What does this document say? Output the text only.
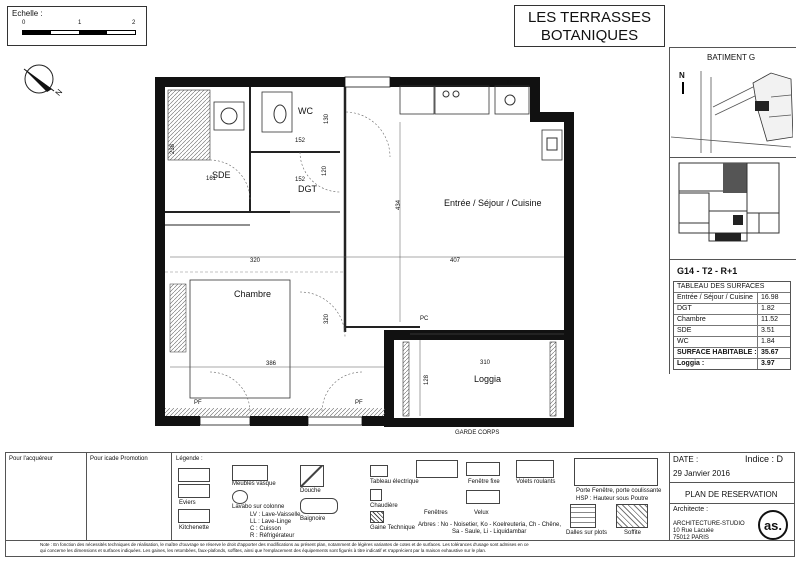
Echelle :
0	1	2	LES TERRASSES
BOTANIQUES
N
BATIMENT G
N
G14 - T2 - R+1
TABLEAU DES SURFACES
Entrée / Séjour / Cuisine	16.98
DGT	1.82
Chambre	11.52
SDE	3.51
WC	1.84
SURFACE HABITABLE : 35.67
Loggia :	3.97
WC
SDE
DGT
Entrée / Séjour / Cuisine
Chambre
Loggia
130
152
152
120
238
161
434
320	407
320
386	310
128
PC
PF	PF
LL
LV
GARDE CORPS
Pour l'acquéreur	Pour icade Promotion	Légende :
Eviers
Kitchenette
Meubles vasque
Lavabo sur colonne
LV : Lave-Vaisselle
LL : Lave-Linge
C : Cuisson
R : Réfrigérateur
Douche
Baignoire
Tableau électrique
Chaudière
Gaine Technique
Fenêtres
Fenêtre fixe
Velux
Volets roulants
Porte Fenêtre, porte coulissante
HSP : Hauteur sous Poutre
Dalles sur plots	Soffite
Arbres : No - Noisetier, Ko - Koelreuteria, Ch - Chêne,
Sa - Saule, Li - Liquidambar
DATE :	Indice : D
29 Janvier 2016
PLAN DE RESERVATION
Architecte :
ARCHITECTURE-STUDIO
10 Rue Lacuée
75012 PARIS
as.
Note : En fonction des nécessités techniques de réalisation, le maître d'ouvrage se réserve le droit d'apporter des modifications au présent plan, notamment de légères variantes de cotes et de surfaces. Les tolérances d'usage sont admises en ce
qui concerne les dimensions et surfaces indiquées. Les gaines, les retombées, faux-plafonds, soffites, ainsi que l'emplacement des équipements sont figurés à titre indicatif et s'apprécient par la maison exhaustive sur le plan.
